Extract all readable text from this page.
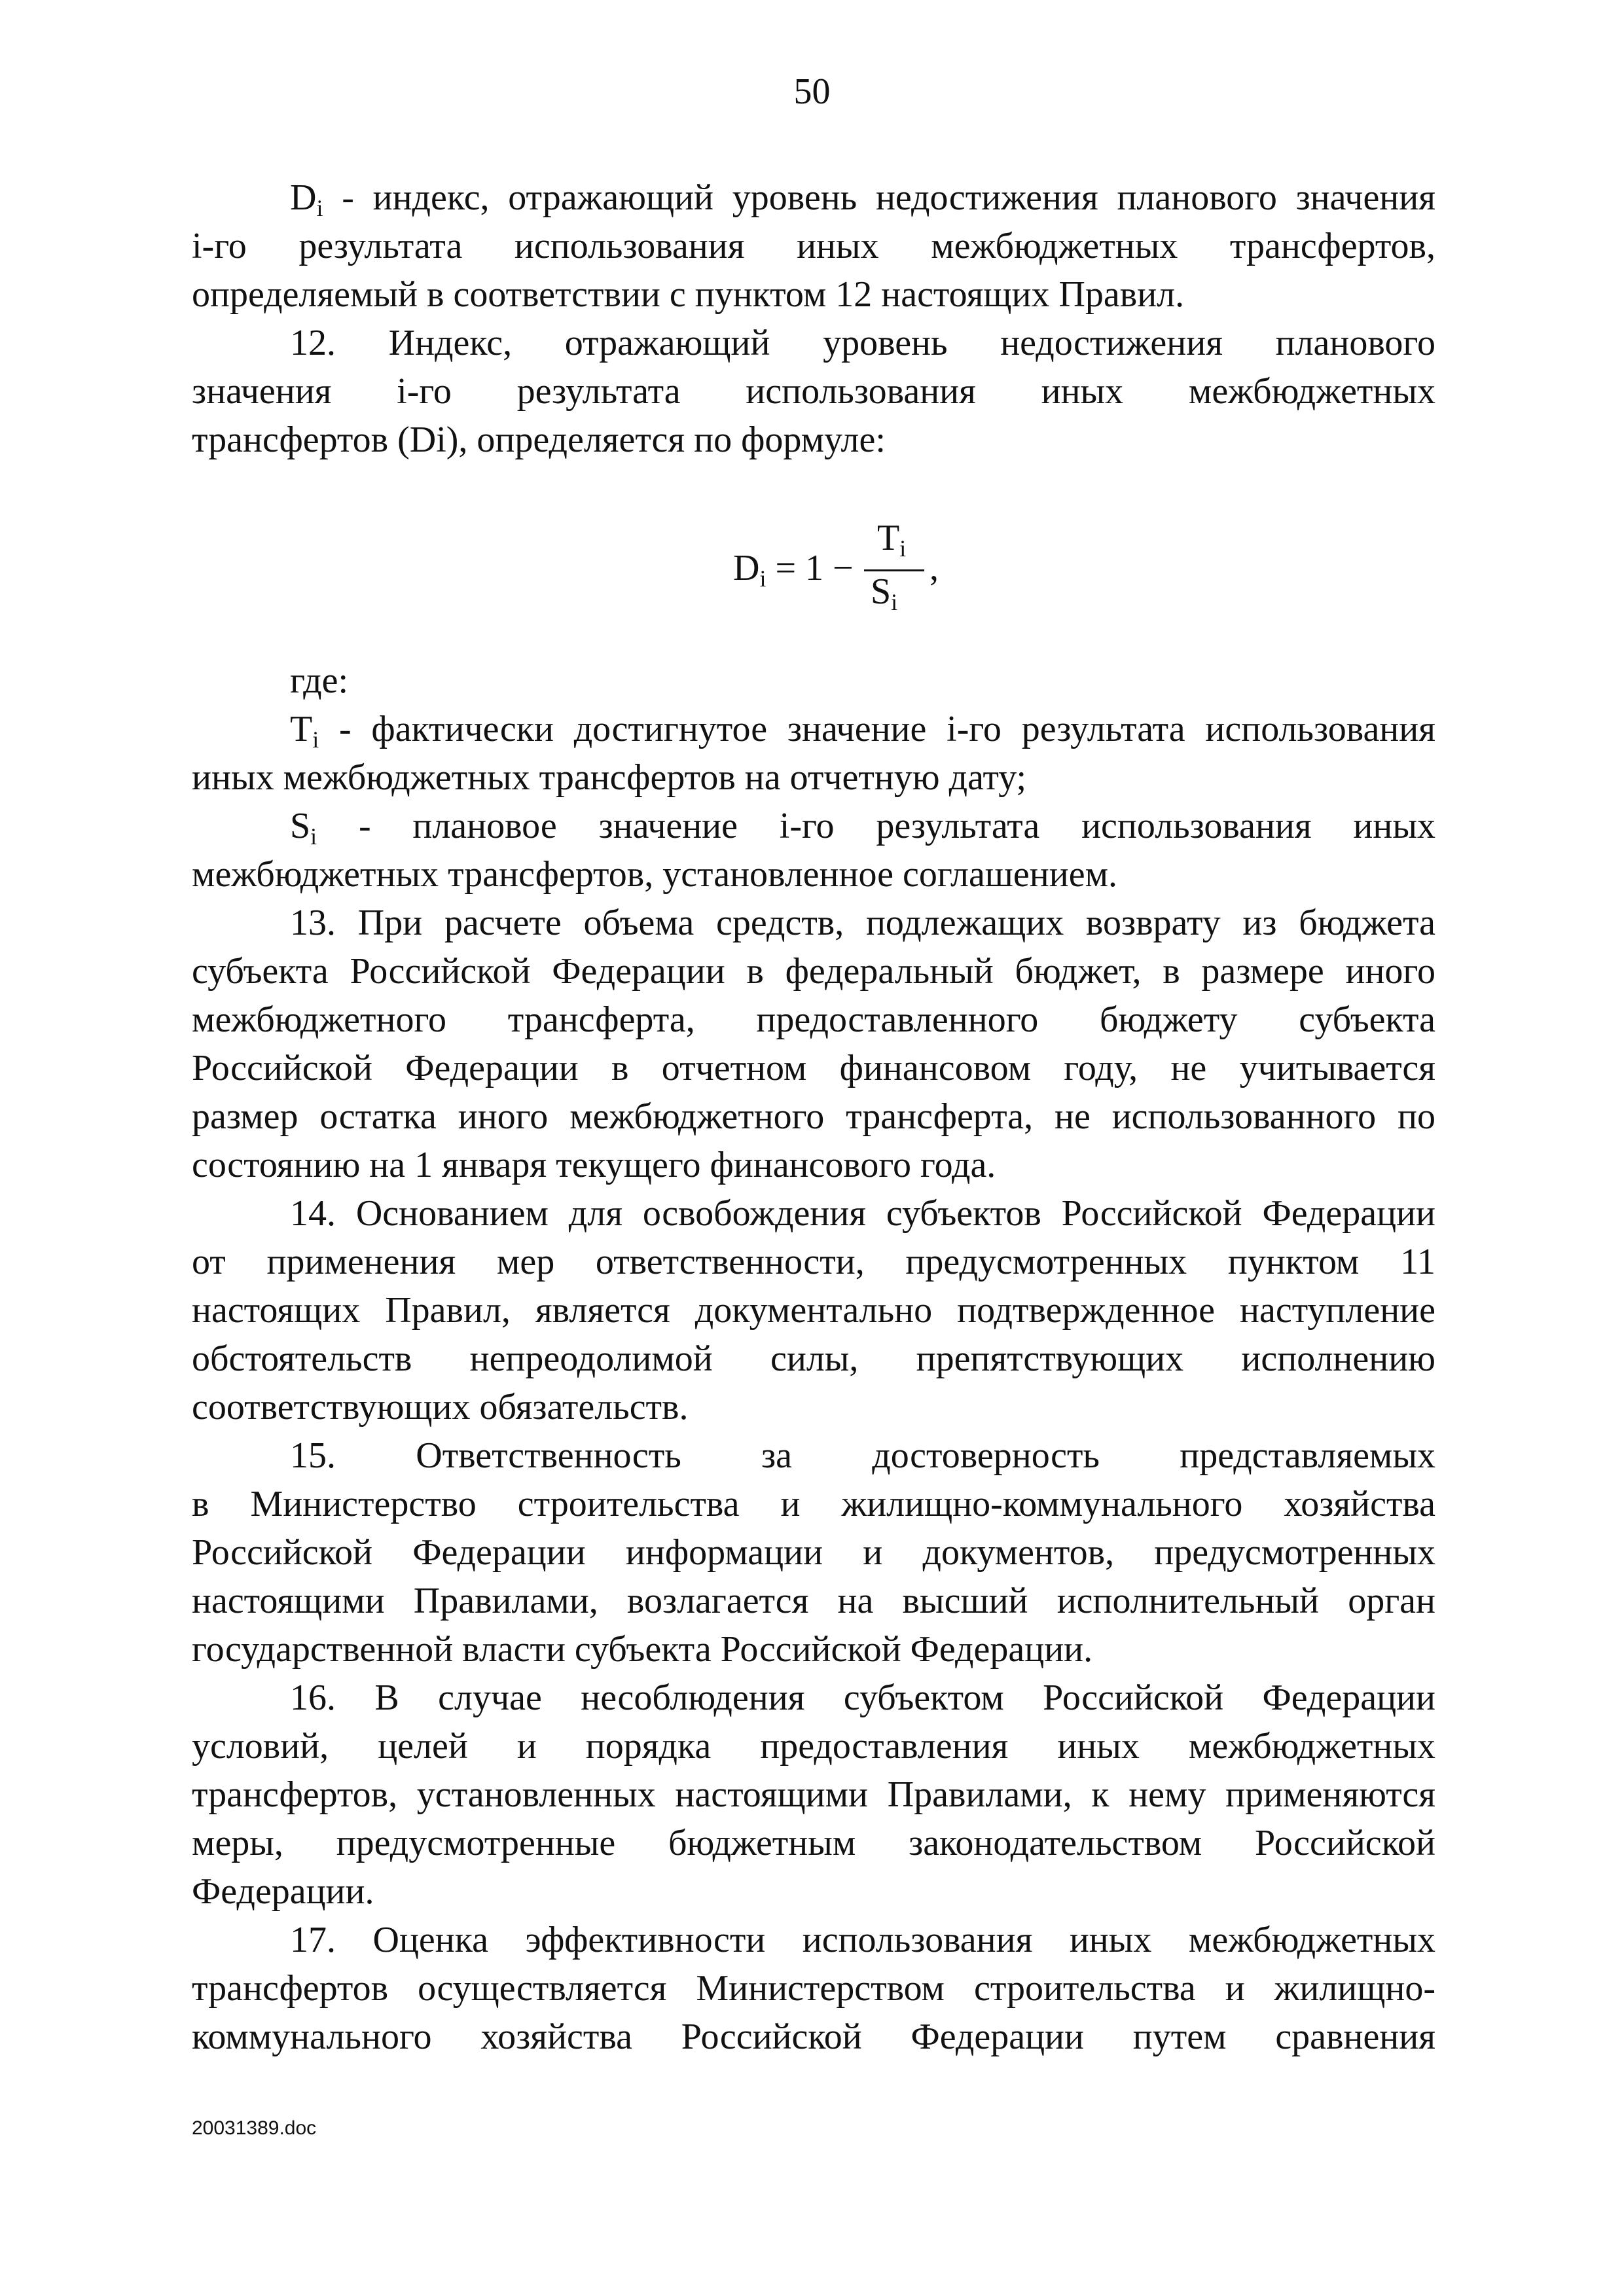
50
$D_i$ - индекс, отражающий уровень недостижения планового значения
i-го результата использования иных межбюджетных трансфертов,
определяемый в соответствии с пунктом 12 настоящих Правил.
12. Индекс, отражающий уровень недостижения планового
значения i-го результата использования иных межбюджетных
трансфертов (Di), определяется по формуле:
$D_i = 1$ −
$T_i$
$S_i$
,
где:
$T_i$ - фактически достигнутое значение i-го результата использования
иных межбюджетных трансфертов на отчетную дату;
$S_i$ - плановое значение i-го результата использования иных
межбюджетных трансфертов, установленное соглашением.
13. При расчете объема средств, подлежащих возврату из бюджета
субъекта Российской Федерации в федеральный бюджет, в размере иного
межбюджетного трансферта, предоставленного бюджету субъекта
Российской Федерации в отчетном финансовом году, не учитывается
размер остатка иного межбюджетного трансферта, не использованного по
состоянию на 1 января текущего финансового года.
14. Основанием для освобождения субъектов Российской Федерации
от применения мер ответственности, предусмотренных пунктом 11
настоящих Правил, является документально подтвержденное наступление
обстоятельств непреодолимой силы, препятствующих исполнению
соответствующих обязательств.
15. Ответственность за достоверность представляемых
в Министерство строительства и жилищно-коммунального хозяйства
Российской Федерации информации и документов, предусмотренных
настоящими Правилами, возлагается на высший исполнительный орган
государственной власти субъекта Российской Федерации.
16. В случае несоблюдения субъектом Российской Федерации
условий, целей и порядка предоставления иных межбюджетных
трансфертов, установленных настоящими Правилами, к нему применяются
меры, предусмотренные бюджетным законодательством Российской
Федерации.
17. Оценка эффективности использования иных межбюджетных
трансфертов осуществляется Министерством строительства и жилищно-
коммунального хозяйства Российской Федерации путем сравнения
20031389.doc
